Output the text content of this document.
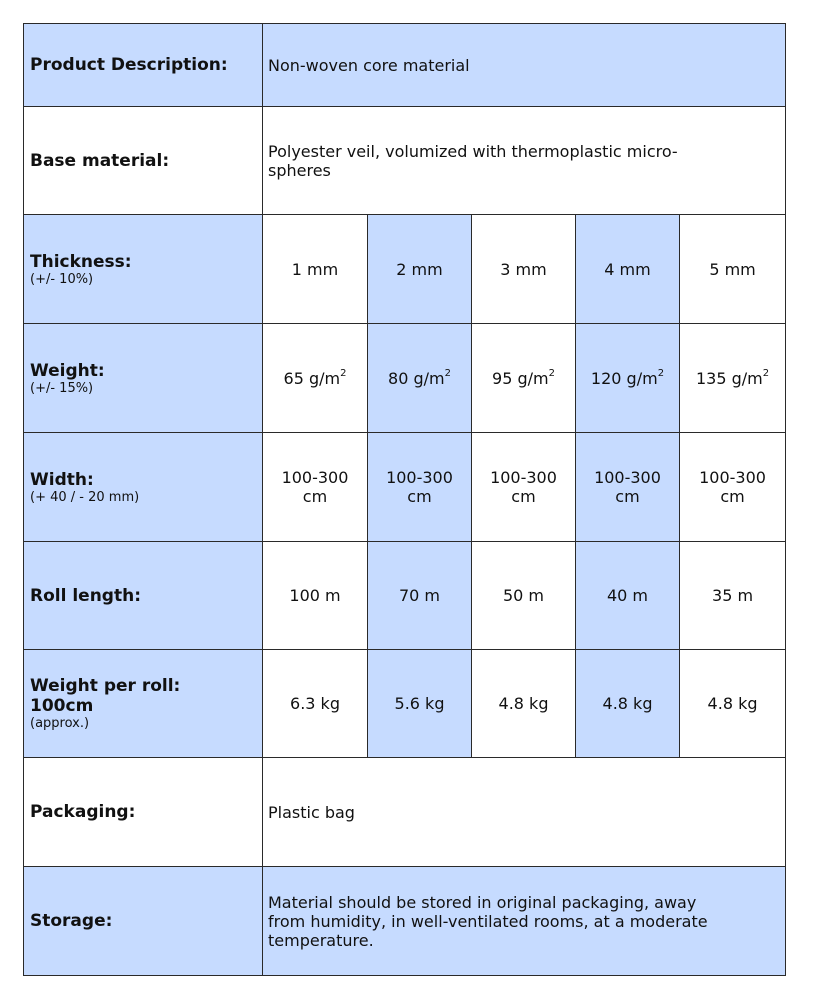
Product Description:	Non-woven core material				

Base material:	Polyester veil, volumized with thermoplastic micro-
spheres				

Thickness:
(+/- 10%)	1 mm	2 mm	3 mm	4 mm	5 mm

Weight:
(+/- 15%)	65 $g/m^2$	80 $g/m^2$	95 $g/m^2$	120 $g/m^2$	135 $g/m^2$

Width:
(+ 40 / - 20 mm)	100-300
cm	100-300
cm	100-300
cm	100-300
cm	100-300
cm

Roll length:	100 m	70 m	50 m	40 m	35 m

Weight per roll:
100cm
(approx.)	6.3 kg	5.6 kg	4.8 kg	4.8 kg	4.8 kg

Packaging:	Plastic bag				

Storage:	Material should be stored in original packaging, away
from humidity, in well-ventilated rooms, at a moderate
temperature.				
